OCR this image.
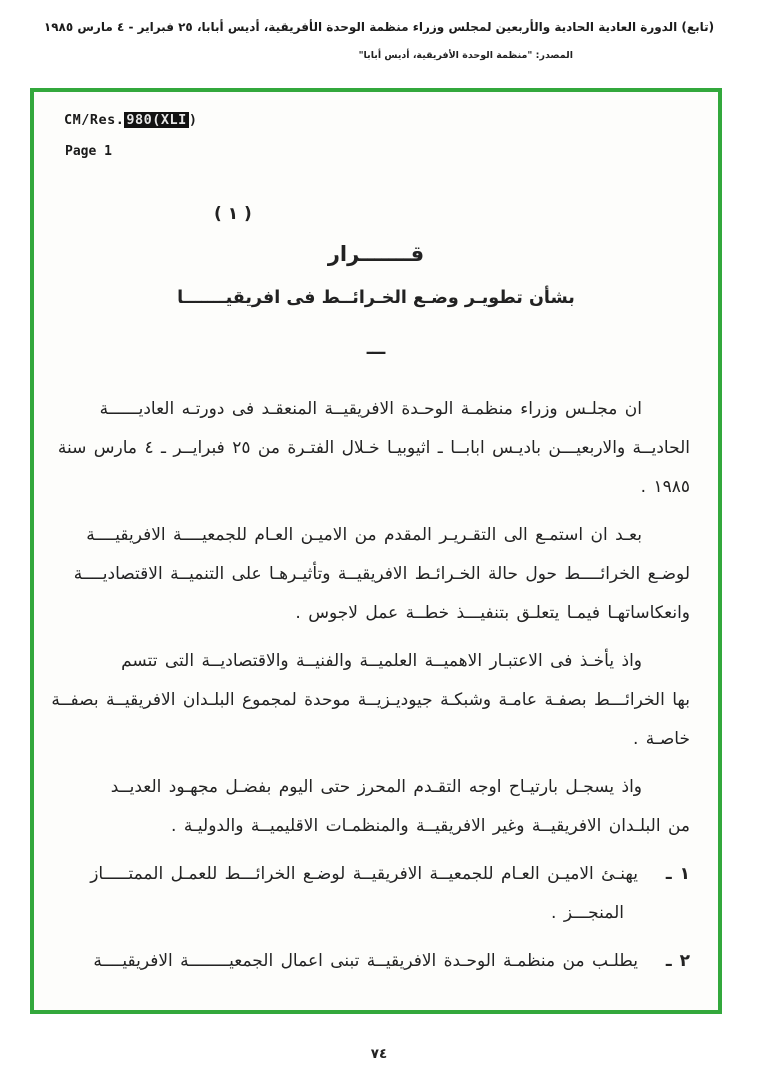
(تابع) الدورة العادية الحادية والأربعين لمجلس وزراء منظمة الوحدة الأفريقية، أديس أبابا، ٢٥ فبراير - ٤ مارس ١٩٨٥
المصدر: "منظمة الوحدة الأفريقية، أديس أبابا"
CM/Res. 980(XLI )
Page 1
( ١ )
قـــــــرار
بشأن تطويـر وضـع الخـرائــط فى افريقيـــــــا
ـــ
ان مجلـس وزراء منظمـة الوحـدة الافريقيــة المنعقـد فى دورتـه العاديــــــة
الحاديــة والاربعيـــن باديـس ابابــا ـ اثيوبيـا خـلال الفتـرة من ٢٥ فبرايــر ـ ٤ مارس سنة
١٩٨٥ .
بعـد ان استمـع الى التقـريـر المقدم من الاميـن العـام للجمعيــــة الافريقيــــة
لوضـع الخرائــــط حول حالة الخـرائـط الافريقيــة وتأثيـرهـا على التنميــة الاقتصاديــــة
وانعكاساتهـا فيمـا يتعلـق بتنفيـــذ خطــة عمل لاجوس .
واذ يأخـذ فى الاعتبـار الاهميــة العلميــة والفنيــة والاقتصاديــة التى تتسم
بها الخرائـــط بصفـة عامـة وشبكـة جيوديـزيــة موحدة لمجموع البلـدان الافريقيــة بصفــة
خاصـة .
واذ يسجـل بارتيـاح اوجه التقـدم المحرز حتى اليوم بفضـل مجهـود العديــد
من البلـدان الافريقيــة وغير الافريقيــة والمنظمـات الاقليميــة والدوليـة .
١ ـ
يهنـئ الاميـن العـام للجمعيــة الافريقيــة لوضـع الخرائـــط للعمـل الممتـــــاز
المنجـــز .
٢ ـ
يطلـب من منظمـة الوحـدة الافريقيــة تبنى اعمال الجمعيــــــــة الافريقيــــة
٧٤
